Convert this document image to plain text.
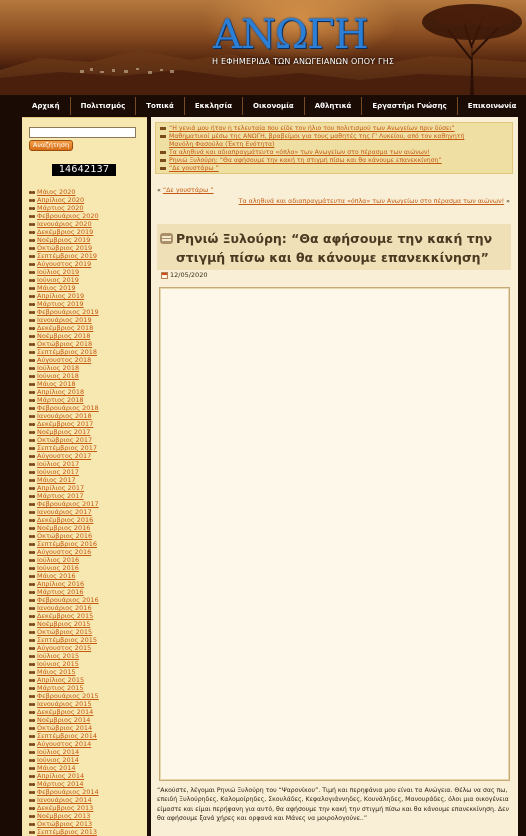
ΑΝΩΓΗ
Η ΕΦΗΜΕΡΙΔΑ ΤΩΝ ΑΝΩΓΕΙΑΝΩΝ ΟΠΟΥ ΓΗΣ
Αρχική	Πολιτισμός	Τοπικά	Εκκλησία	Οικονομία	Αθλητικά	Εργαστήρι Γνώσης	Επικοινωνία
Αναζήτηση
14642137
Μάιος 2020
Απρίλιος 2020
Μάρτιος 2020
Φεβρουάριος 2020
Ιανουάριος 2020
Δεκέμβριος 2019
Νοέμβριος 2019
Οκτώβριος 2019
Σεπτέμβριος 2019
Αύγουστος 2019
Ιούλιος 2019
Ιούνιος 2019
Μάιος 2019
Απρίλιος 2019
Μάρτιος 2019
Φεβρουάριος 2019
Ιανουάριος 2019
Δεκέμβριος 2018
Νοέμβριος 2018
Οκτώβριος 2018
Σεπτέμβριος 2018
Αύγουστος 2018
Ιούλιος 2018
Ιούνιος 2018
Μάιος 2018
Απρίλιος 2018
Μάρτιος 2018
Φεβρουάριος 2018
Ιανουάριος 2018
Δεκέμβριος 2017
Νοέμβριος 2017
Οκτώβριος 2017
Σεπτέμβριος 2017
Αύγουστος 2017
Ιούλιος 2017
Ιούνιος 2017
Μάιος 2017
Απρίλιος 2017
Μάρτιος 2017
Φεβρουάριος 2017
Ιανουάριος 2017
Δεκέμβριος 2016
Νοέμβριος 2016
Οκτώβριος 2016
Σεπτέμβριος 2016
Αύγουστος 2016
Ιούλιος 2016
Ιούνιος 2016
Μάιος 2016
Απρίλιος 2016
Μάρτιος 2016
Φεβρουάριος 2016
Ιανουάριος 2016
Δεκέμβριος 2015
Νοέμβριος 2015
Οκτώβριος 2015
Σεπτέμβριος 2015
Αύγουστος 2015
Ιούλιος 2015
Ιούνιος 2015
Μάιος 2015
Απρίλιος 2015
Μάρτιος 2015
Φεβρουάριος 2015
Ιανουάριος 2015
Δεκέμβριος 2014
Νοέμβριος 2014
Οκτώβριος 2014
Σεπτέμβριος 2014
Αύγουστος 2014
Ιούλιος 2014
Ιούνιος 2014
Μάιος 2014
Απρίλιος 2014
Μάρτιος 2014
Φεβρουάριος 2014
Ιανουάριος 2014
Δεκέμβριος 2013
Νοέμβριος 2013
Οκτώβριος 2013
Σεπτέμβριος 2013
“Η γενιά μου ήταν η τελευταία που είδε τον ήλιο του πολιτισμού των Ανωγείων πριν δύσει”
Μαθηματικοί μέσω της ΑΝΩΓΗ, βραβείμοι για τους μαθητές της Γ' Λυκείου, από τον καθηγητή
Μανόλη Φασούλα (Έκτη Ενότητα)
Τα αληθινά και αδιαπραγμάτευτα «όπλα» των Ανωγείων στο πέρασμα των αιώνων!
Ρηνιώ Ξυλούρη: “Θα αφήσουμε την κακή τη στιγμή πίσω και θα κάνουμε επανεκκίνηση”
“Δε γουστάρω ”
« “Δε γουστάρω ”
Τα αληθινά και αδιαπραγμάτευτα «όπλα» των Ανωγείων στο πέρασμα των αιώνων! »
Ρηνιώ Ξυλούρη: “Θα αφήσουμε την κακή την στιγμή πίσω και θα κάνουμε επανεκκίνηση”
12/05/2020
“Ακούστε, λέγομαι Ρηνιώ Ξυλούρη του “Ψαρονίκου”. Τιμή και περηφάνια μου είναι τα Ανώγεια. Θέλω να σας πω, επειδή Ξυλούρηδες, Καλομοίρηδες, Σκουλάδες, Κεφαλογιάννηδες, Κουνάληδες, Μανουράδες, όλοι μια οικογένεια είμαστε και είμαι περήφανη για αυτό, θα αφήσουμε την κακή την στιγμή πίσω και θα κάνουμε επανεκκίνηση. Δεν θα αφήσουμε ξανά χήρες και ορφανά και Μάνες να μοιρολογούνε..”
